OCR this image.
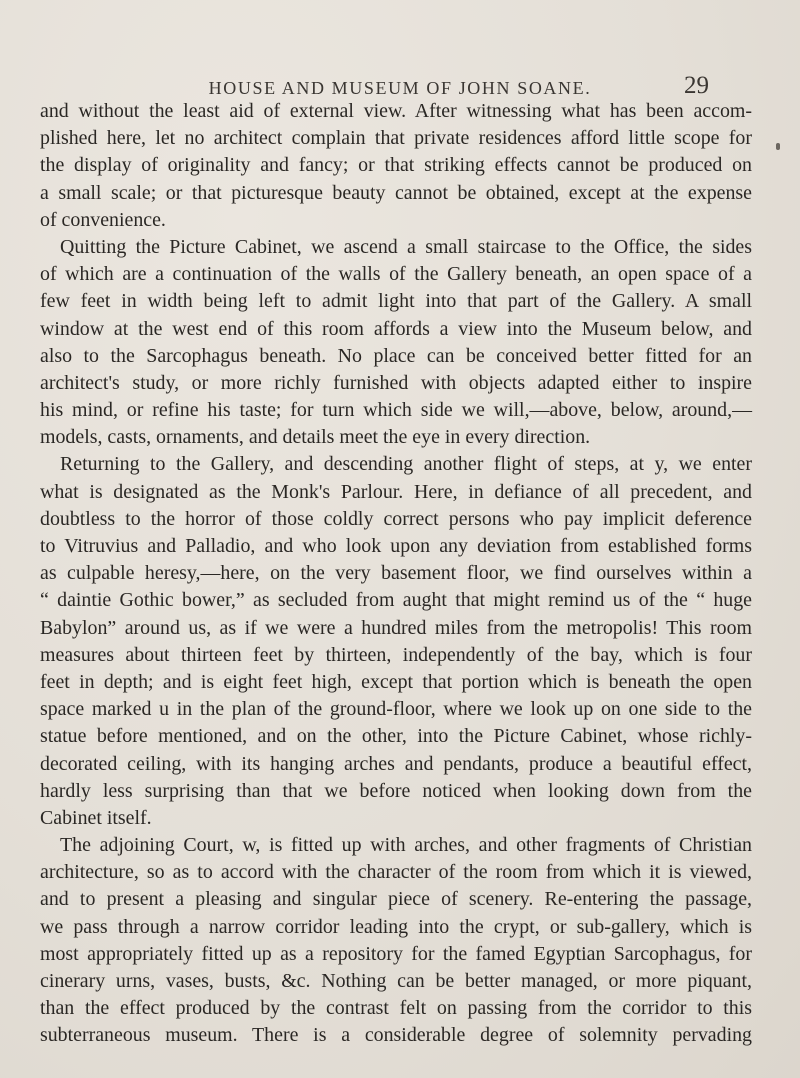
HOUSE AND MUSEUM OF JOHN SOANE.	29
and without the least aid of external view. After witnessing what has been accom-
plished here, let no architect complain that private residences afford little scope for
the display of originality and fancy; or that striking effects cannot be produced on
a small scale; or that picturesque beauty cannot be obtained, except at the expense
of convenience.
Quitting the Picture Cabinet, we ascend a small staircase to the Office, the sides
of which are a continuation of the walls of the Gallery beneath, an open space of a
few feet in width being left to admit light into that part of the Gallery. A small
window at the west end of this room affords a view into the Museum below, and
also to the Sarcophagus beneath. No place can be conceived better fitted for an
architect's study, or more richly furnished with objects adapted either to inspire
his mind, or refine his taste; for turn which side we will,—above, below, around,—
models, casts, ornaments, and details meet the eye in every direction.
Returning to the Gallery, and descending another flight of steps, at y, we enter
what is designated as the Monk's Parlour. Here, in defiance of all precedent, and
doubtless to the horror of those coldly correct persons who pay implicit deference
to Vitruvius and Palladio, and who look upon any deviation from established forms
as culpable heresy,—here, on the very basement floor, we find ourselves within a
“ daintie Gothic bower,” as secluded from aught that might remind us of the “ huge
Babylon” around us, as if we were a hundred miles from the metropolis! This room
measures about thirteen feet by thirteen, independently of the bay, which is four
feet in depth; and is eight feet high, except that portion which is beneath the open
space marked u in the plan of the ground-floor, where we look up on one side to the
statue before mentioned, and on the other, into the Picture Cabinet, whose richly-
decorated ceiling, with its hanging arches and pendants, produce a beautiful effect,
hardly less surprising than that we before noticed when looking down from the
Cabinet itself.
The adjoining Court, w, is fitted up with arches, and other fragments of Christian
architecture, so as to accord with the character of the room from which it is viewed,
and to present a pleasing and singular piece of scenery. Re-entering the passage,
we pass through a narrow corridor leading into the crypt, or sub-gallery, which is
most appropriately fitted up as a repository for the famed Egyptian Sarcophagus, for
cinerary urns, vases, busts, &c. Nothing can be better managed, or more piquant,
than the effect produced by the contrast felt on passing from the corridor to this
subterraneous museum. There is a considerable degree of solemnity pervading
